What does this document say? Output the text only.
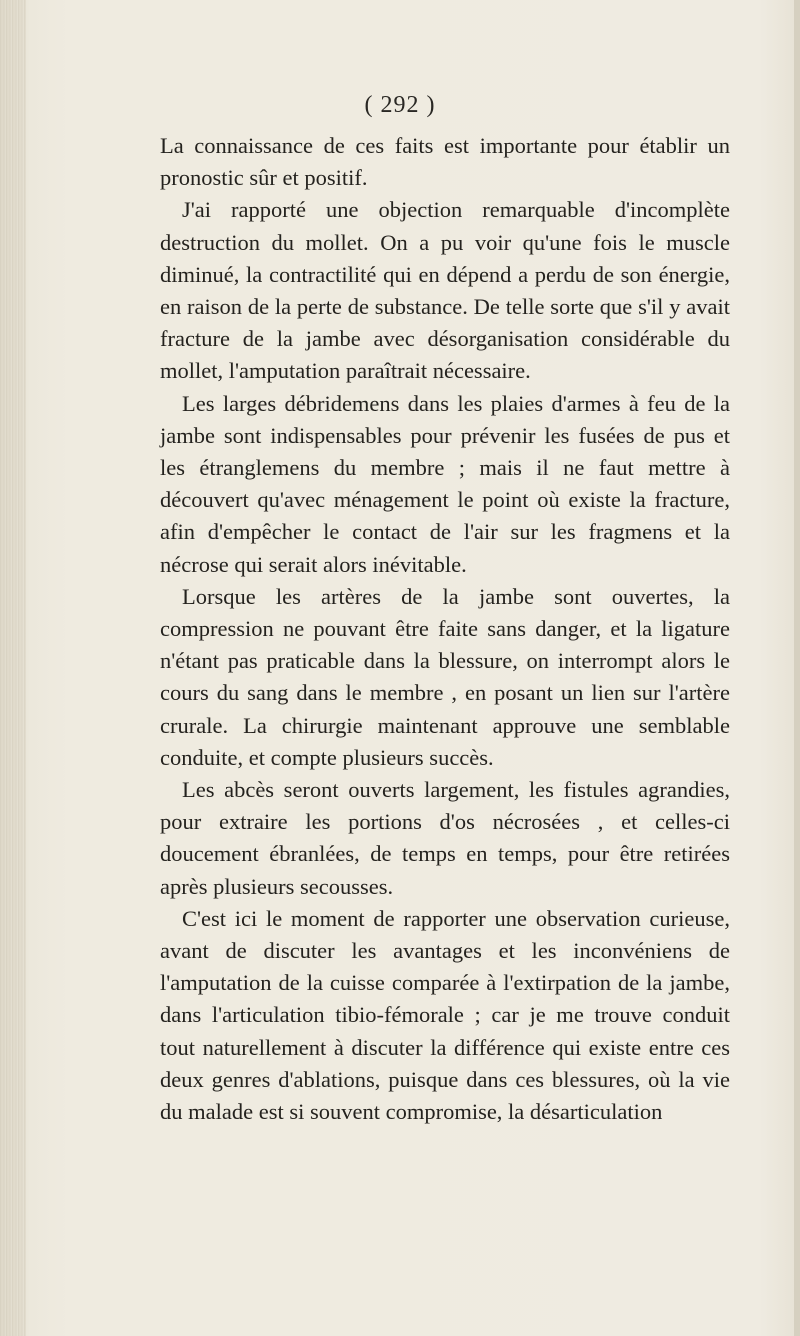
( 292 )

La connaissance de ces faits est importante pour établir un pronostic sûr et positif.

J'ai rapporté une objection remarquable d'incomplète destruction du mollet. On a pu voir qu'une fois le muscle diminué, la contractilité qui en dépend a perdu de son énergie, en raison de la perte de substance. De telle sorte que s'il y avait fracture de la jambe avec désorganisation considérable du mollet, l'amputation paraîtrait nécessaire.

Les larges débridemens dans les plaies d'armes à feu de la jambe sont indispensables pour prévenir les fusées de pus et les étranglemens du membre ; mais il ne faut mettre à découvert qu'avec ménagement le point où existe la fracture, afin d'empêcher le contact de l'air sur les fragmens et la nécrose qui serait alors inévitable.

Lorsque les artères de la jambe sont ouvertes, la compression ne pouvant être faite sans danger, et la ligature n'étant pas praticable dans la blessure, on interrompt alors le cours du sang dans le membre , en posant un lien sur l'artère crurale. La chirurgie maintenant approuve une semblable conduite, et compte plusieurs succès.

Les abcès seront ouverts largement, les fistules agrandies, pour extraire les portions d'os nécrosées , et celles-ci doucement ébranlées, de temps en temps, pour être retirées après plusieurs secousses.

C'est ici le moment de rapporter une observation curieuse, avant de discuter les avantages et les inconvéniens de l'amputation de la cuisse comparée à l'extirpation de la jambe, dans l'articulation tibio-fémorale ; car je me trouve conduit tout naturellement à discuter la différence qui existe entre ces deux genres d'ablations, puisque dans ces blessures, où la vie du malade est si souvent compromise, la désarticulation
